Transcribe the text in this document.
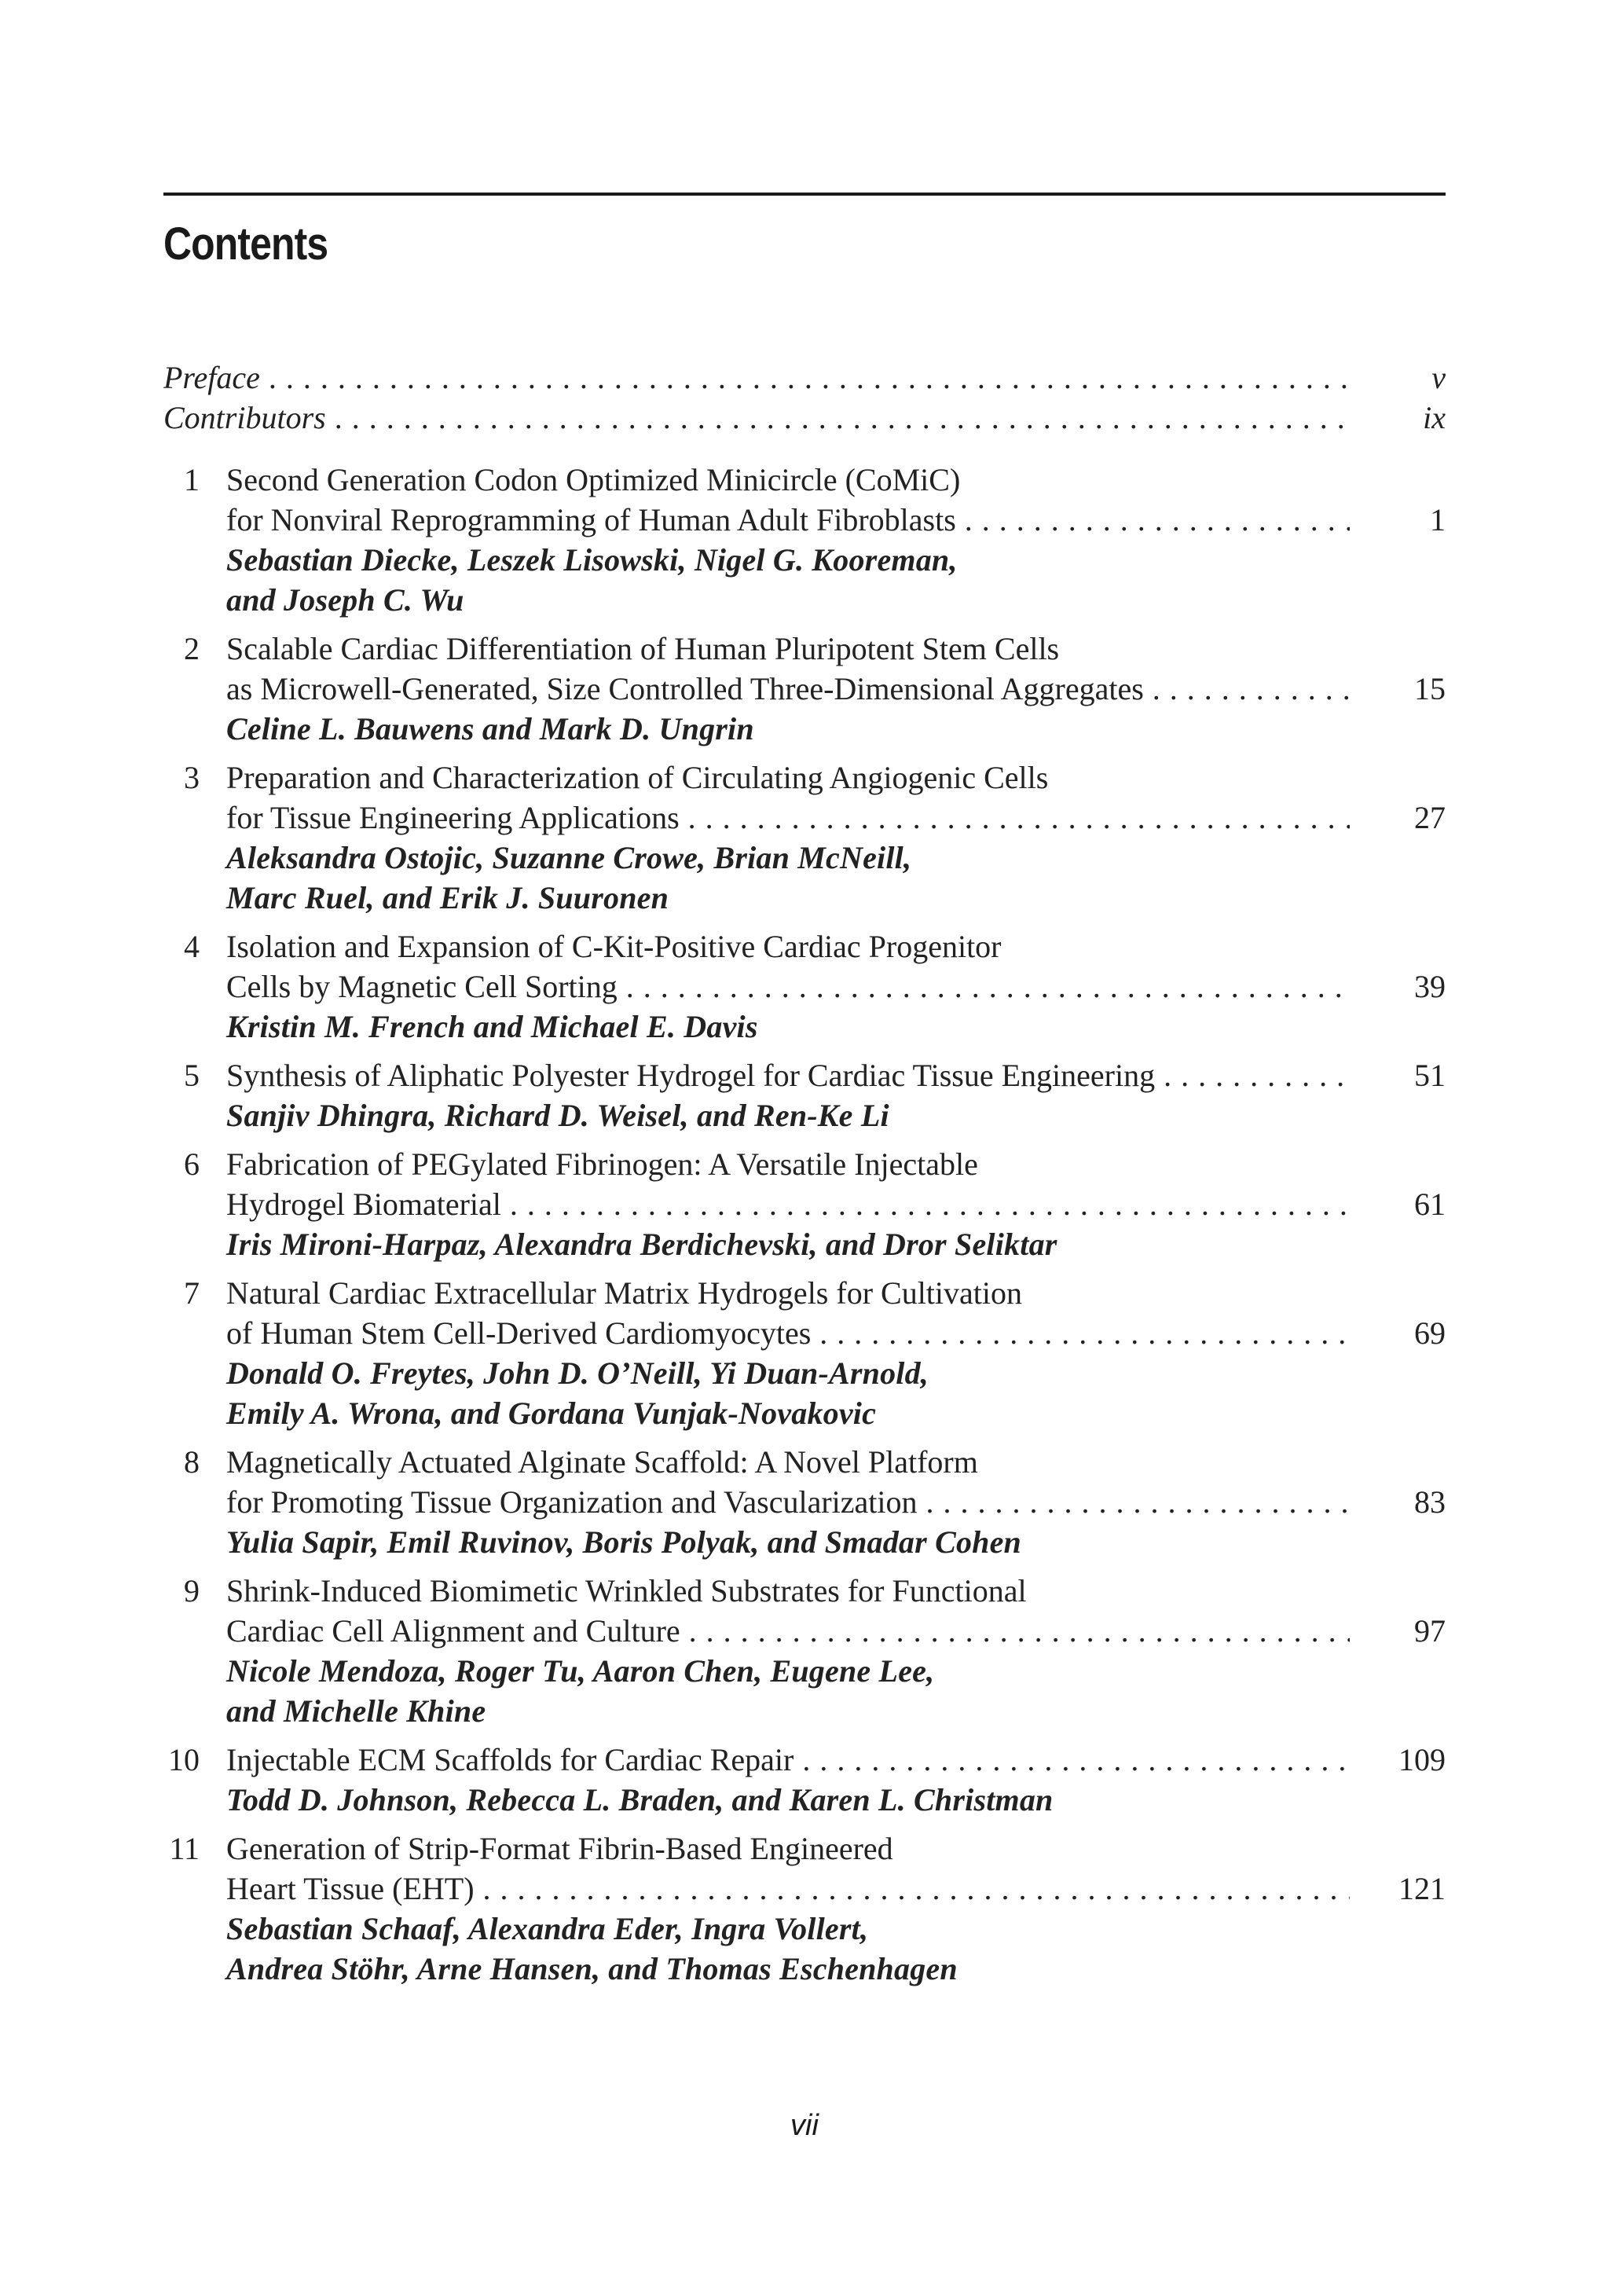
Contents
Preface . . .	v
Contributors . . .	ix
1 Second Generation Codon Optimized Minicircle (CoMiC)
for Nonviral Reprogramming of Human Adult Fibroblasts . . .	1
Sebastian Diecke, Leszek Lisowski, Nigel G. Kooreman,
and Joseph C. Wu
2 Scalable Cardiac Differentiation of Human Pluripotent Stem Cells
as Microwell-Generated, Size Controlled Three-Dimensional Aggregates . . .	15
Celine L. Bauwens and Mark D. Ungrin
3 Preparation and Characterization of Circulating Angiogenic Cells
for Tissue Engineering Applications . . .	27
Aleksandra Ostojic, Suzanne Crowe, Brian McNeill,
Marc Ruel, and Erik J. Suuronen
4 Isolation and Expansion of C-Kit-Positive Cardiac Progenitor
Cells by Magnetic Cell Sorting . . .	39
Kristin M. French and Michael E. Davis
5 Synthesis of Aliphatic Polyester Hydrogel for Cardiac Tissue Engineering . . .	51
Sanjiv Dhingra, Richard D. Weisel, and Ren-Ke Li
6 Fabrication of PEGylated Fibrinogen: A Versatile Injectable
Hydrogel Biomaterial . . .	61
Iris Mironi-Harpaz, Alexandra Berdichevski, and Dror Seliktar
7 Natural Cardiac Extracellular Matrix Hydrogels for Cultivation
of Human Stem Cell-Derived Cardiomyocytes . . .	69
Donald O. Freytes, John D. O’Neill, Yi Duan-Arnold,
Emily A. Wrona, and Gordana Vunjak-Novakovic
8 Magnetically Actuated Alginate Scaffold: A Novel Platform
for Promoting Tissue Organization and Vascularization . . .	83
Yulia Sapir, Emil Ruvinov, Boris Polyak, and Smadar Cohen
9 Shrink-Induced Biomimetic Wrinkled Substrates for Functional
Cardiac Cell Alignment and Culture . . .	97
Nicole Mendoza, Roger Tu, Aaron Chen, Eugene Lee,
and Michelle Khine
10 Injectable ECM Scaffolds for Cardiac Repair . . .	109
Todd D. Johnson, Rebecca L. Braden, and Karen L. Christman
11 Generation of Strip-Format Fibrin-Based Engineered
Heart Tissue (EHT) . . .	121
Sebastian Schaaf, Alexandra Eder, Ingra Vollert,
Andrea Stöhr, Arne Hansen, and Thomas Eschenhagen
vii
